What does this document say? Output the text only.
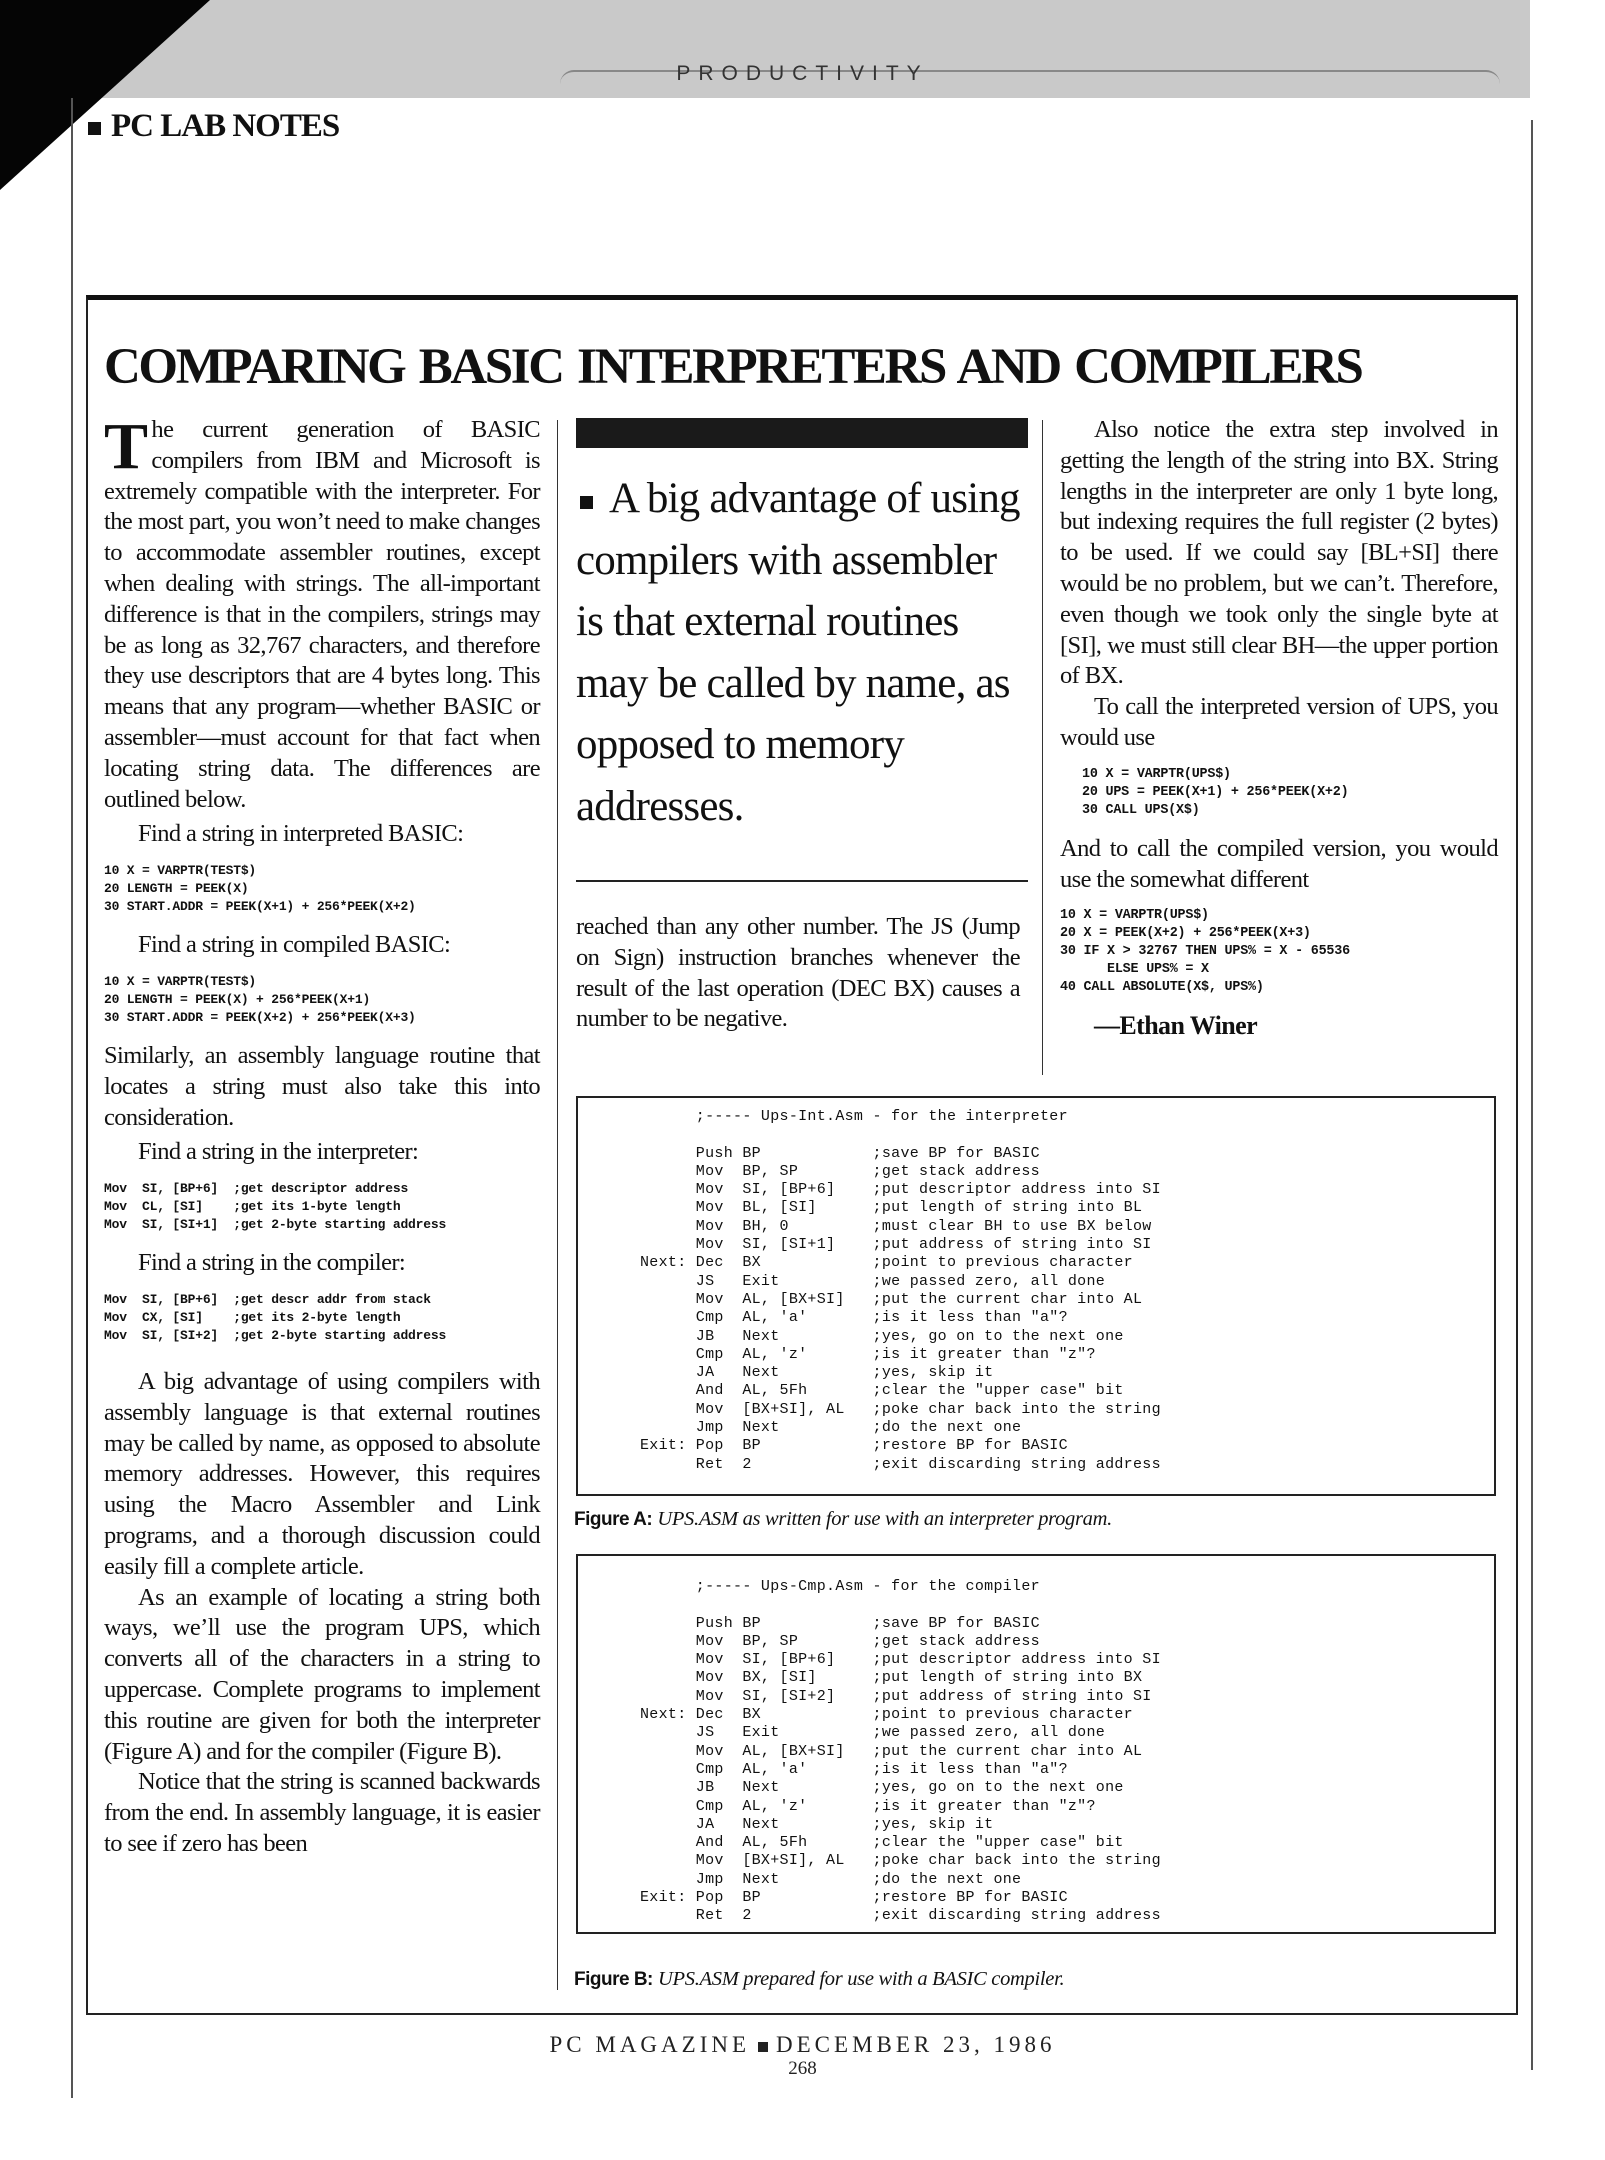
PRODUCTIVITY
PC LAB NOTES
COMPARING BASIC INTERPRETERS AND COMPILERS

The current generation of BASIC compilers from IBM and Microsoft is extremely compatible with the interpreter. For the most part, you won’t need to make changes to accommodate assembler routines, except when dealing with strings. The all-important difference is that in the compilers, strings may be as long as 32,767 characters, and therefore they use descriptors that are 4 bytes long. This means that any program—whether BASIC or assembler—must account for that fact when locating string data. The differences are outlined below.

Find a string in interpreted BASIC:

10 X = VARPTR(TEST$)
20 LENGTH = PEEK(X)
30 START.ADDR = PEEK(X+1) + 256*PEEK(X+2)

Find a string in compiled BASIC:

10 X = VARPTR(TEST$)
20 LENGTH = PEEK(X) + 256*PEEK(X+1)
30 START.ADDR = PEEK(X+2) + 256*PEEK(X+3)

Similarly, an assembly language routine that locates a string must also take this into consideration.

Find a string in the interpreter:

Mov  SI, [BP+6]  ;get descriptor address
Mov  CL, [SI]    ;get its 1-byte length
Mov  SI, [SI+1]  ;get 2-byte starting address

Find a string in the compiler:

Mov  SI, [BP+6]  ;get descr addr from stack
Mov  CX, [SI]    ;get its 2-byte length
Mov  SI, [SI+2]  ;get 2-byte starting address

A big advantage of using compilers with assembly language is that external routines may be called by name, as opposed to absolute memory addresses. However, this requires using the Macro Assembler and Link programs, and a thorough discussion could easily fill a complete article.

As an example of locating a string both ways, we’ll use the program UPS, which converts all of the characters in a string to uppercase. Complete programs to implement this routine are given for both the interpreter (Figure A) and for the compiler (Figure B).

Notice that the string is scanned backwards from the end. In assembly language, it is easier to see if zero has been

A big advantage of using compilers with assembler is that external routines may be called by name, as opposed to memory addresses.

reached than any other number. The JS (Jump on Sign) instruction branches whenever the result of the last operation (DEC BX) causes a number to be negative.

Also notice the extra step involved in getting the length of the string into BX. String lengths in the interpreter are only 1 byte long, but indexing requires the full register (2 bytes) to be used. If we could say [BL+SI] there would be no problem, but we can’t. Therefore, even though we took only the single byte at [SI], we must still clear BH—the upper portion of BX.

To call the interpreted version of UPS, you would use

10 X = VARPTR(UPS$)
20 UPS = PEEK(X+1) + 256*PEEK(X+2)
30 CALL UPS(X$)

And to call the compiled version, you would use the somewhat different

10 X = VARPTR(UPS$)
20 X = PEEK(X+2) + 256*PEEK(X+3)
30 IF X > 32767 THEN UPS% = X - 65536
ELSE UPS% = X
40 CALL ABSOLUTE(X$, UPS%)

—Ethan Winer

;----- Ups-Int.Asm - for the interpreter

Push BP            ;save BP for BASIC
Mov  BP, SP        ;get stack address
Mov  SI, [BP+6]    ;put descriptor address into SI
Mov  BL, [SI]      ;put length of string into BL
Mov  BH, 0         ;must clear BH to use BX below
Mov  SI, [SI+1]    ;put address of string into SI
Next: Dec  BX            ;point to previous character
JS   Exit          ;we passed zero, all done
Mov  AL, [BX+SI]   ;put the current char into AL
Cmp  AL, 'a'       ;is it less than "a"?
JB   Next          ;yes, go on to the next one
Cmp  AL, 'z'       ;is it greater than "z"?
JA   Next          ;yes, skip it
And  AL, 5Fh       ;clear the "upper case" bit
Mov  [BX+SI], AL   ;poke char back into the string
Jmp  Next          ;do the next one
Exit: Pop  BP            ;restore BP for BASIC
Ret  2             ;exit discarding string address
Figure A: UPS.ASM as written for use with an interpreter program.
;----- Ups-Cmp.Asm - for the compiler

Push BP            ;save BP for BASIC
Mov  BP, SP        ;get stack address
Mov  SI, [BP+6]    ;put descriptor address into SI
Mov  BX, [SI]      ;put length of string into BX
Mov  SI, [SI+2]    ;put address of string into SI
Next: Dec  BX            ;point to previous character
JS   Exit          ;we passed zero, all done
Mov  AL, [BX+SI]   ;put the current char into AL
Cmp  AL, 'a'       ;is it less than "a"?
JB   Next          ;yes, go on to the next one
Cmp  AL, 'z'       ;is it greater than "z"?
JA   Next          ;yes, skip it
And  AL, 5Fh       ;clear the "upper case" bit
Mov  [BX+SI], AL   ;poke char back into the string
Jmp  Next          ;do the next one
Exit: Pop  BP            ;restore BP for BASIC
Ret  2             ;exit discarding string address
Figure B: UPS.ASM prepared for use with a BASIC compiler.
PC MAGAZINE DECEMBER 23, 1986
268
